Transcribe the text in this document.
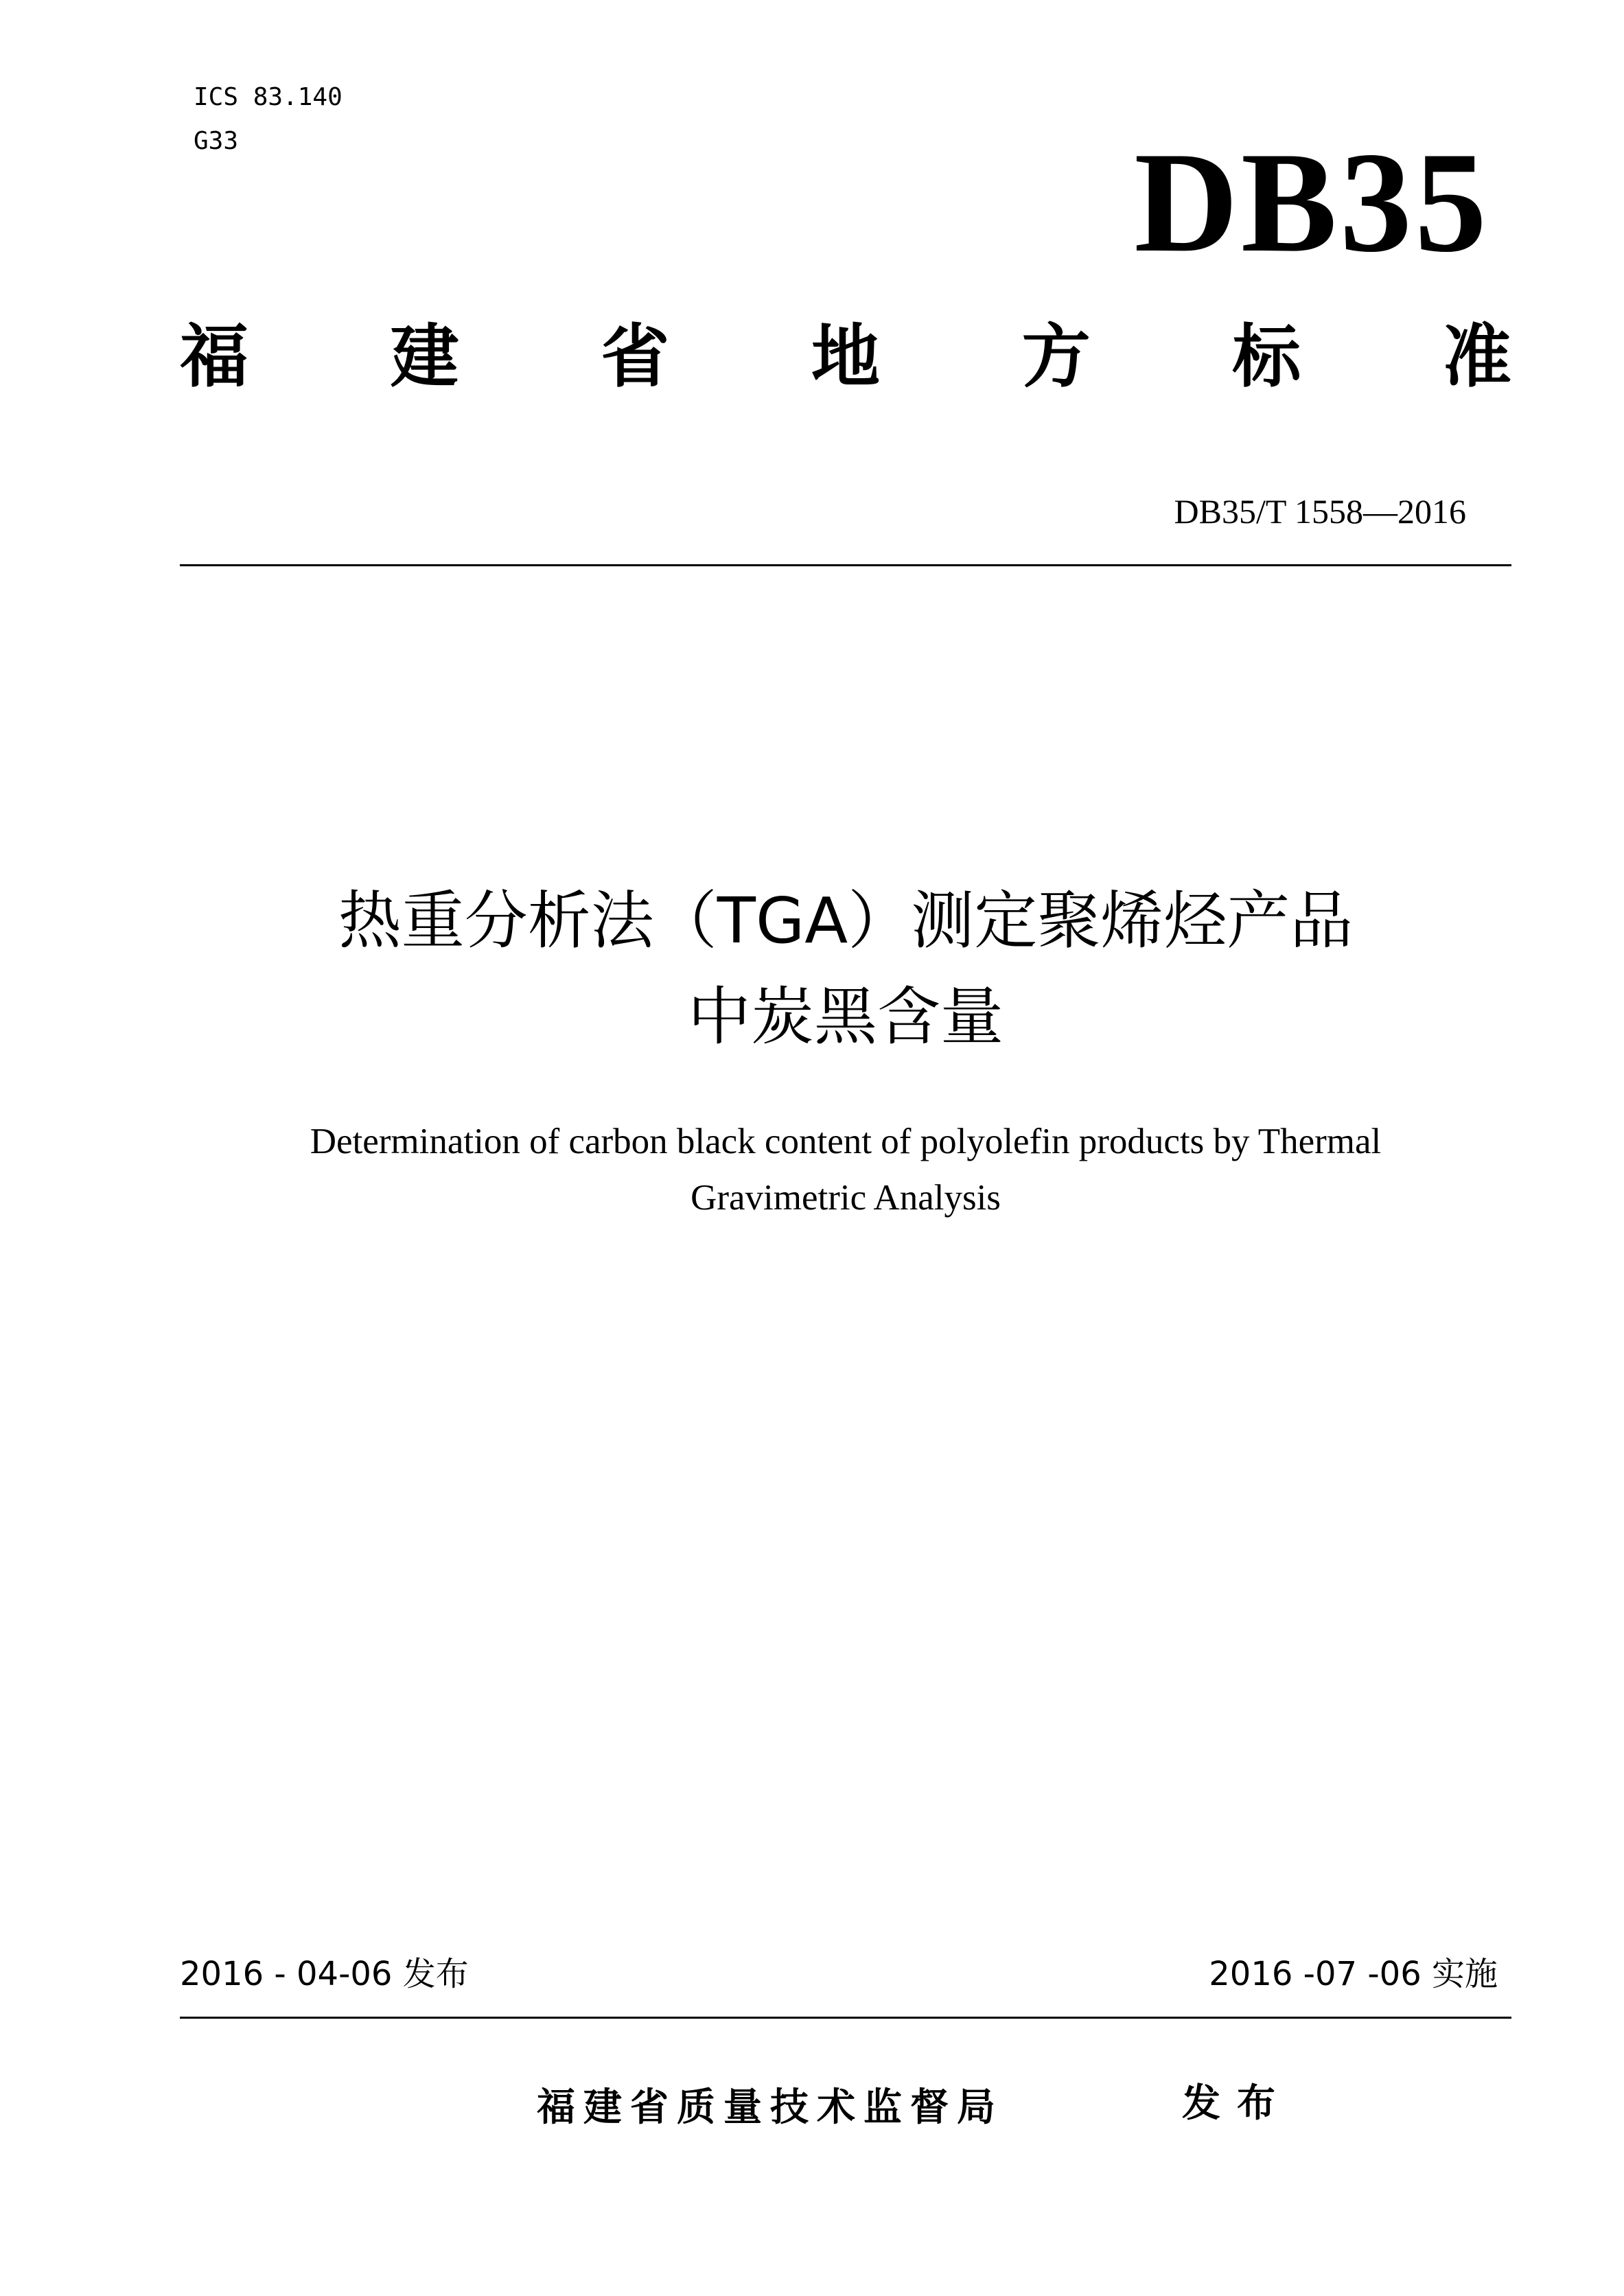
ICS 83.140
G33	DB35
福 建 省 地 方 标 准
DB35/T 1558—2016
热重分析法（TGA）测定聚烯烃产品
中炭黑含量
Determination of carbon black content of polyolefin products by Thermal
Gravimetric Analysis
2016 - 04-06 发布	2016 -07 -06 实施
福建省质量技术监督局	发布
